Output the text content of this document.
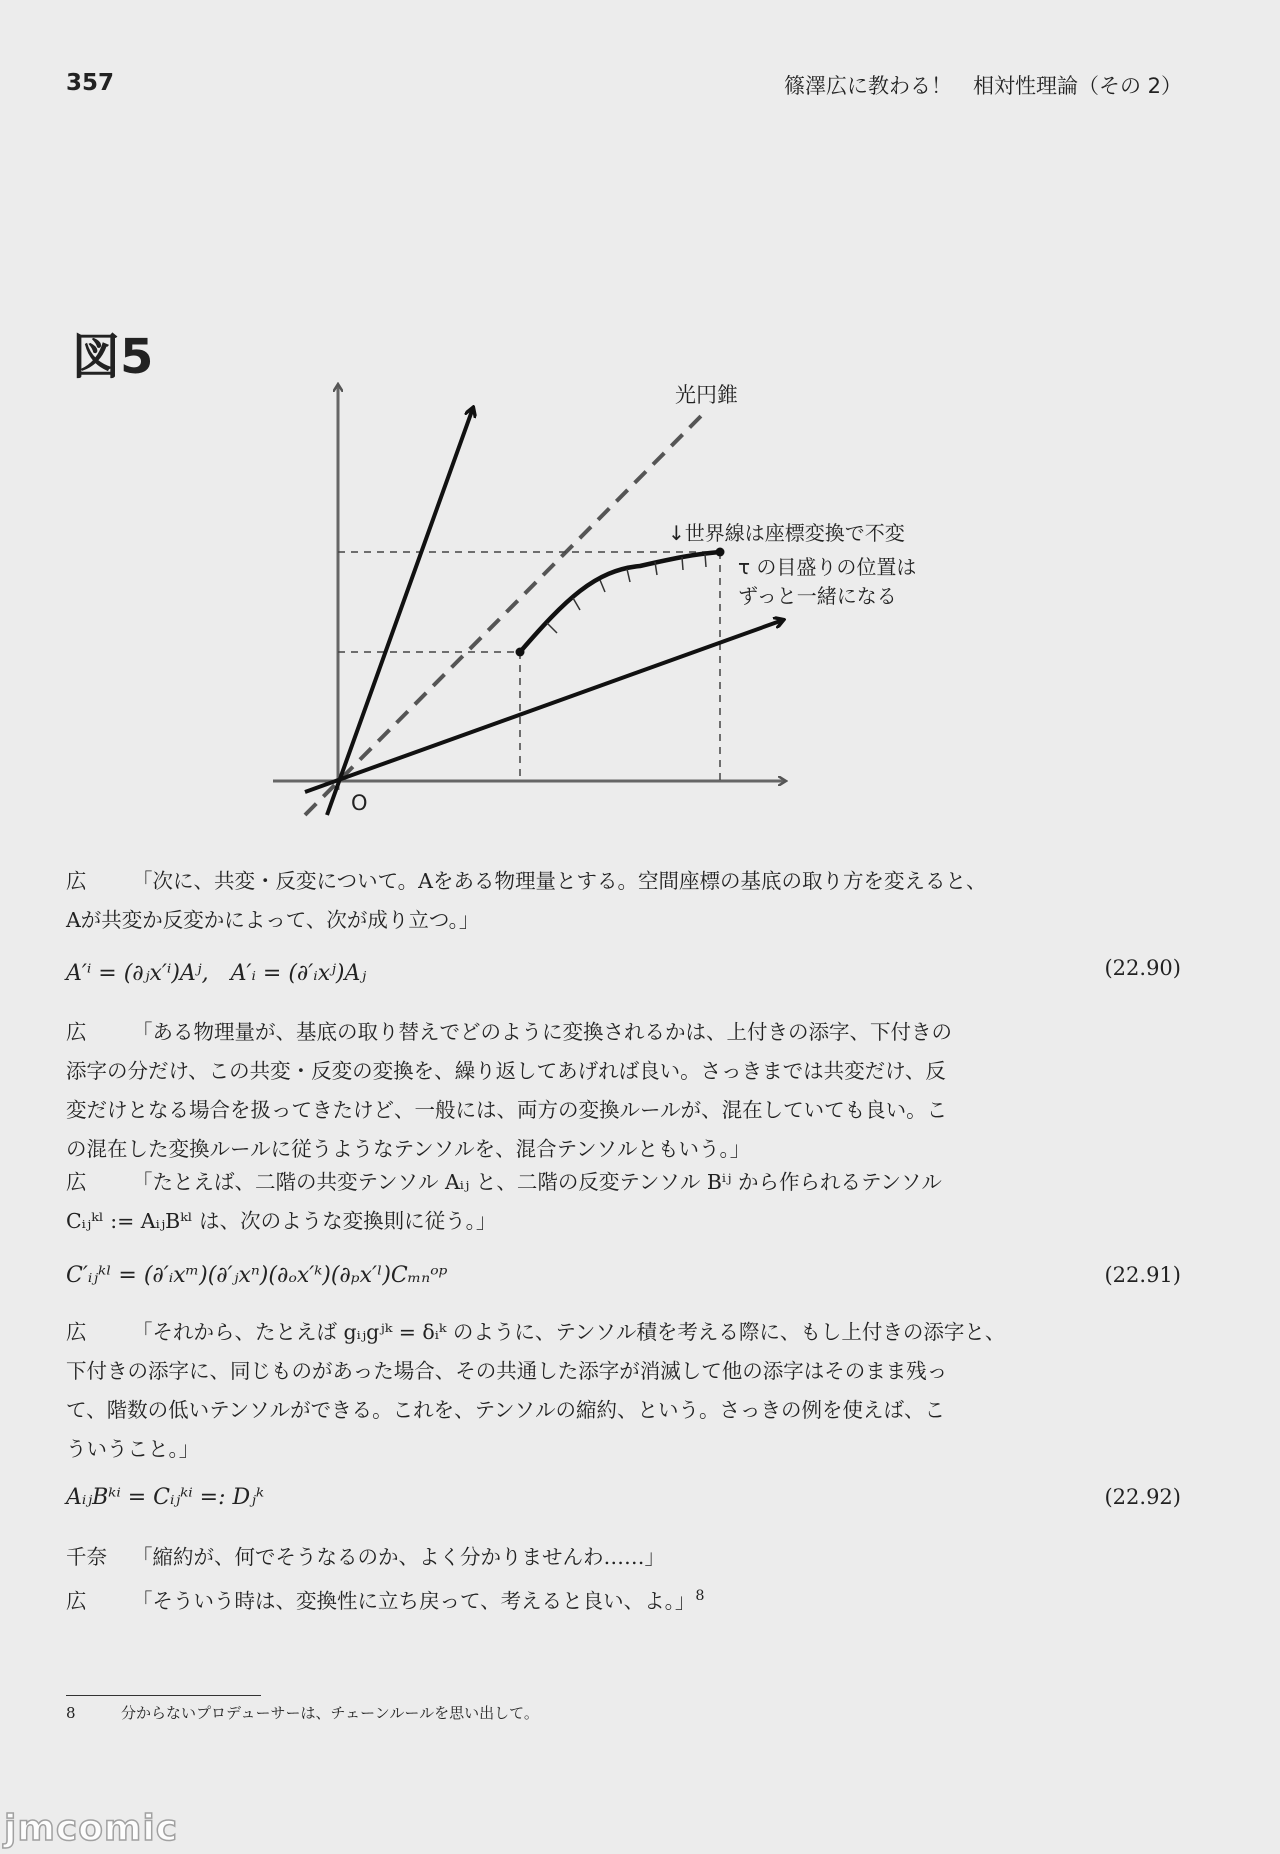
357	篠澤広に教わる！　相対性理論（その 2）
図5
光円錐
↓世界線は座標変換で不変
τ の目盛りの位置は
ずっと一緒になる
O
広 「次に、共変・反変について。Aをある物理量とする。空間座標の基底の取り方を変えると、
Aが共変か反変かによって、次が成り立つ。」
A′ⁱ = (∂ⱼx′ⁱ)Aʲ,　A′ᵢ = (∂′ᵢxʲ)Aⱼ	(22.90)
広 「ある物理量が、基底の取り替えでどのように変換されるかは、上付きの添字、下付きの
添字の分だけ、この共変・反変の変換を、繰り返してあげれば良い。さっきまでは共変だけ、反
変だけとなる場合を扱ってきたけど、一般には、両方の変換ルールが、混在していても良い。こ
の混在した変換ルールに従うようなテンソルを、混合テンソルともいう。」
広 「たとえば、二階の共変テンソル Aᵢⱼ と、二階の反変テンソル Bⁱʲ から作られるテンソル
Cᵢⱼᵏˡ := AᵢⱼBᵏˡ は、次のような変換則に従う。」
C′ᵢⱼᵏˡ = (∂′ᵢxᵐ)(∂′ⱼxⁿ)(∂ₒx′ᵏ)(∂ₚx′ˡ)Cₘₙᵒᵖ	(22.91)
広 「それから、たとえば gᵢⱼgʲᵏ = δᵢᵏ のように、テンソル積を考える際に、もし上付きの添字と、
下付きの添字に、同じものがあった場合、その共通した添字が消滅して他の添字はそのまま残っ
て、階数の低いテンソルができる。これを、テンソルの縮約、という。さっきの例を使えば、こ
ういうこと。」
AᵢⱼBᵏⁱ = Cᵢⱼᵏⁱ =: Dⱼᵏ	(22.92)
千奈 「縮約が、何でそうなるのか、よく分かりませんわ……」
広 「そういう時は、変換性に立ち戻って、考えると良い、よ。」$^8$
8	分からないプロデューサーは、チェーンルールを思い出して。
jmcomic
